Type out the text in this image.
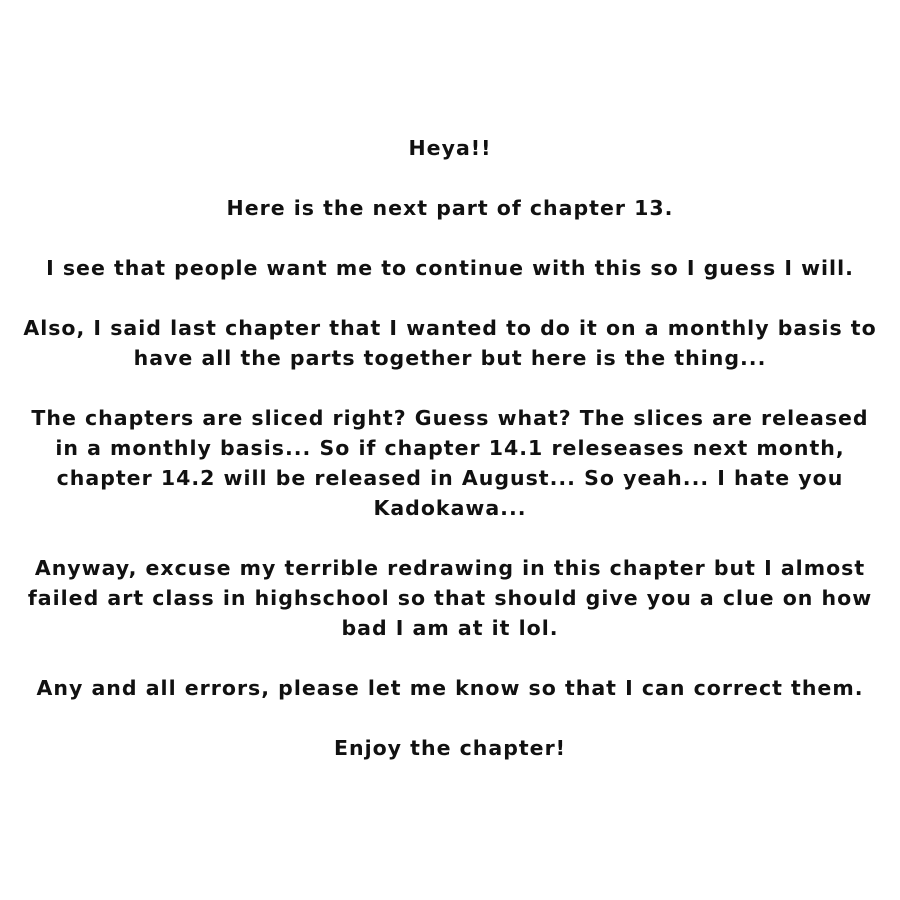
Heya!!

Here is the next part of chapter 13.

I see that people want me to continue with this so I guess I will.

Also, I said last chapter that I wanted to do it on a monthly basis to have all the parts together but here is the thing...

The chapters are sliced right? Guess what? The slices are released in a monthly basis... So if chapter 14.1 releseases next month, chapter 14.2 will be released in August... So yeah... I hate you Kadokawa...

Anyway, excuse my terrible redrawing in this chapter but I almost failed art class in highschool so that should give you a clue on how bad I am at it lol.

Any and all errors, please let me know so that I can correct them.

Enjoy the chapter!
